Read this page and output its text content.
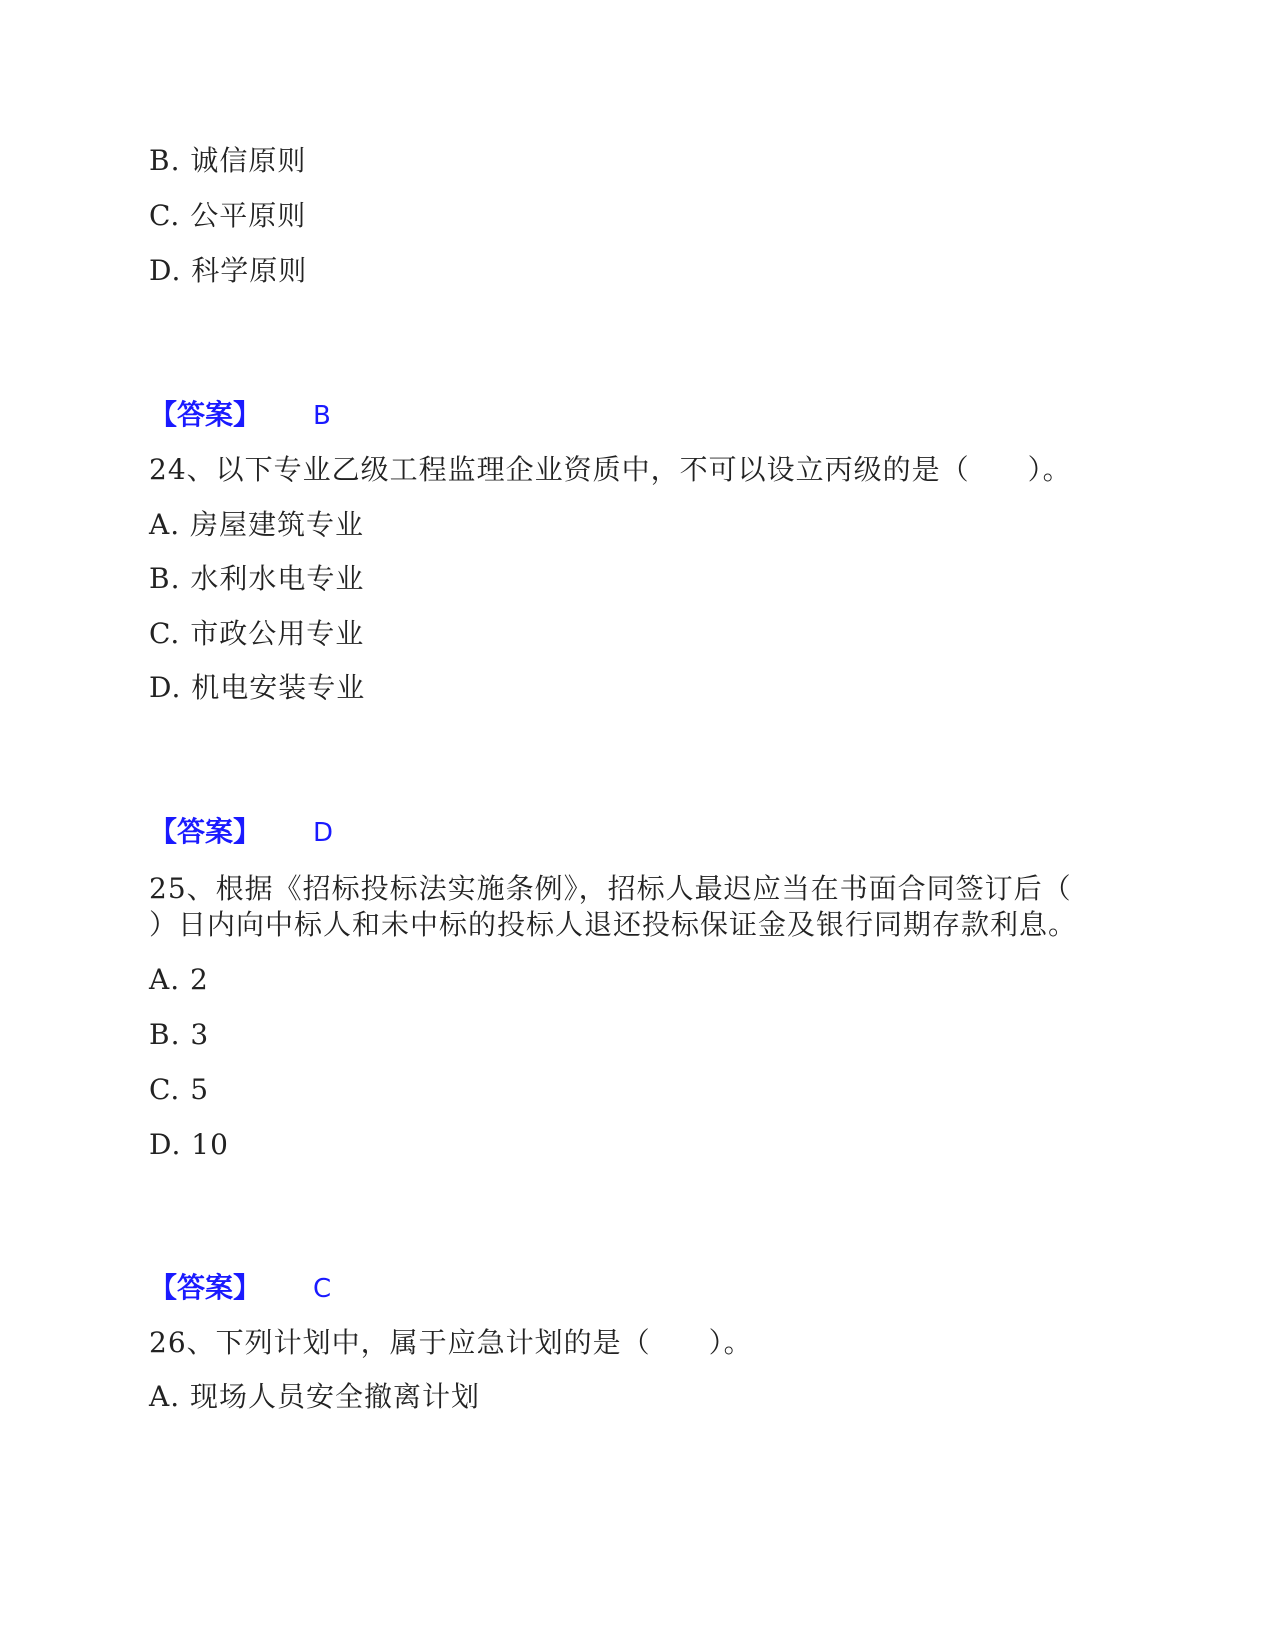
B. 诚信原则
C. 公平原则
D. 科学原则
【答案】 B
24、以下专业乙级工程监理企业资质中，不可以设立丙级的是（　　）。
A. 房屋建筑专业
B. 水利水电专业
C. 市政公用专业
D. 机电安装专业
【答案】 D
25、根据《招标投标法实施条例》，招标人最迟应当在书面合同签订后（
）日内向中标人和未中标的投标人退还投标保证金及银行同期存款利息。
A. 2
B. 3
C. 5
D. 10
【答案】 C
26、下列计划中，属于应急计划的是（　　）。
A. 现场人员安全撤离计划
